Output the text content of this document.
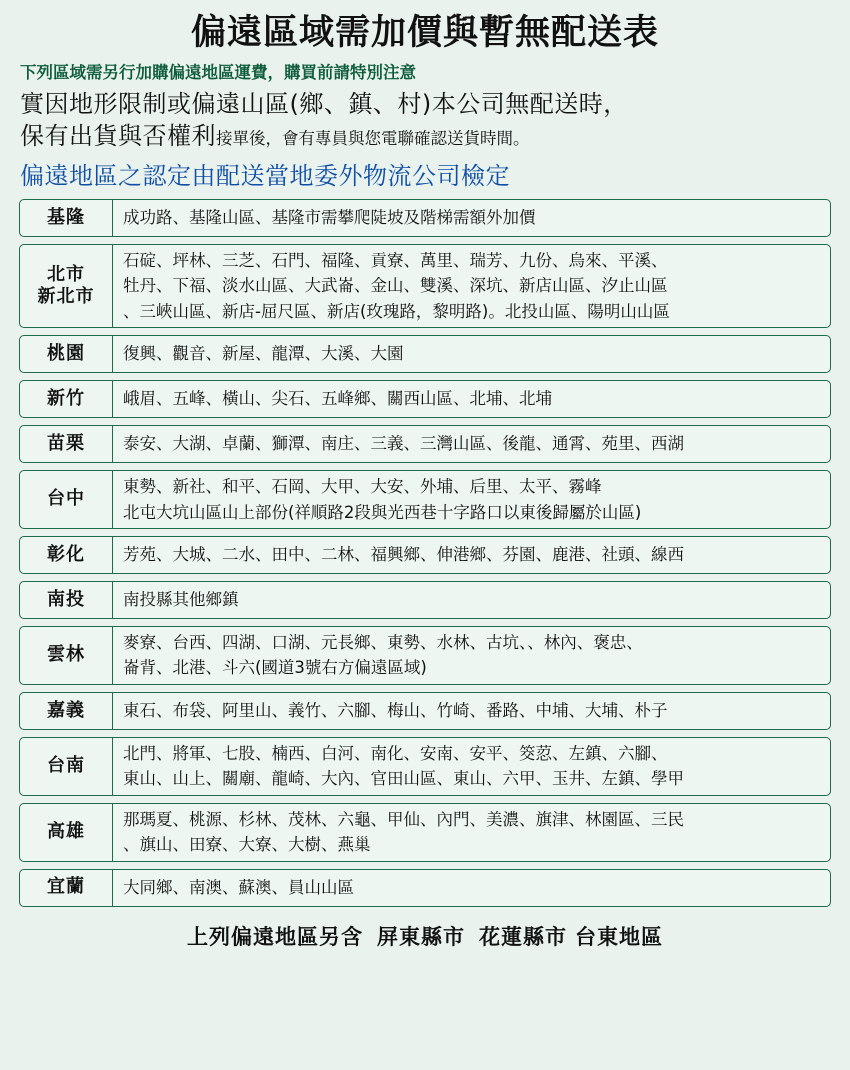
偏遠區域需加價與暫無配送表
下列區域需另行加購偏遠地區運費，購買前請特別注意
實因地形限制或偏遠山區(鄉、鎮、村)本公司無配送時，
保有出貨與否權利接單後，會有專員與您電聯確認送貨時間。
偏遠地區之認定由配送當地委外物流公司檢定
基隆 成功路、基隆山區、基隆市需攀爬陡坡及階梯需額外加價
北市
新北市
石碇、坪林、三芝、石門、福隆、貢寮、萬里、瑞芳、九份、烏來、平溪、
牡丹、下福、淡水山區、大武崙、金山、雙溪、深坑、新店山區、汐止山區
、三峽山區、新店-屈尺區、新店(玫瑰路，黎明路)。北投山區、陽明山山區
桃園 復興、觀音、新屋、龍潭、大溪、大園
新竹 峨眉、五峰、橫山、尖石、五峰鄉、關西山區、北埔、北埔
苗栗 泰安、大湖、卓蘭、獅潭、南庄、三義、三灣山區、後龍、通霄、苑里、西湖
台中
東勢、新社、和平、石岡、大甲、大安、外埔、后里、太平、霧峰
北屯大坑山區山上部份(祥順路2段與光西巷十字路口以東後歸屬於山區)
彰化 芳苑、大城、二水、田中、二林、福興鄉、伸港鄉、芬園、鹿港、社頭、線西
南投 南投縣其他鄉鎮
雲林
麥寮、台西、四湖、口湖、元長鄉、東勢、水林、古坑、、林內、褒忠、
崙背、北港、斗六(國道3號右方偏遠區域)
嘉義 東石、布袋、阿里山、義竹、六腳、梅山、竹崎、番路、中埔、大埔、朴子
台南
北門、將軍、七股、楠西、白河、南化、安南、安平、筊荵、左鎮、六腳、
東山、山上、關廟、龍崎、大內、官田山區、東山、六甲、玉井、左鎮、學甲
高雄
那瑪夏、桃源、杉林、茂林、六龜、甲仙、內門、美濃、旗津、林園區、三民
、旗山、田寮、大寮、大樹、燕巢
宜蘭 大同鄉、南澳、蘇澳、員山山區
上列偏遠地區另含 屏東縣市 花蓮縣市 台東地區
